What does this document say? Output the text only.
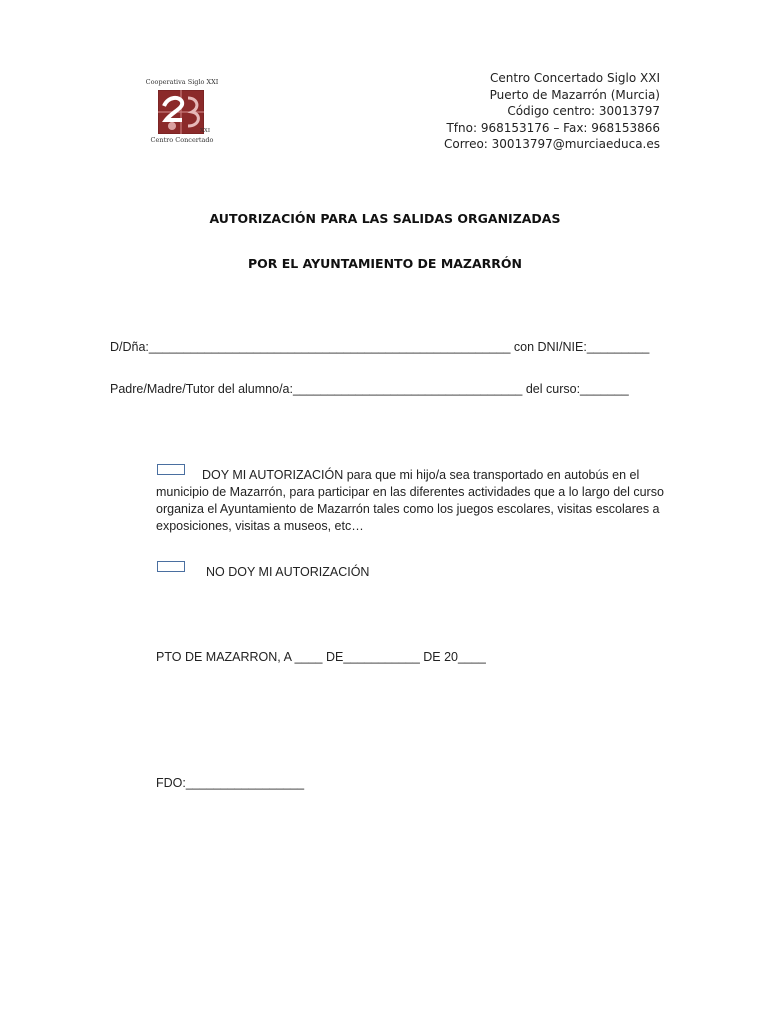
Cooperativa Siglo XXI
XXI
Centro Concertado
Centro Concertado Siglo XXI
Puerto de Mazarrón (Murcia)
Código centro: 30013797
Tfno: 968153176 – Fax: 968153866
Correo: 30013797@murciaeduca.es
AUTORIZACIÓN PARA LAS SALIDAS ORGANIZADAS
POR EL AYUNTAMIENTO DE MAZARRÓN
D/Dña:____________________________________________________ con DNI/NIE:_________
Padre/Madre/Tutor del alumno/a:_________________________________ del curso:_______
DOY MI AUTORIZACIÓN para que mi hijo/a sea transportado en autobús en el municipio de Mazarrón, para participar en las diferentes actividades que a lo largo del curso organiza el Ayuntamiento de Mazarrón tales como los juegos escolares, visitas escolares a exposiciones, visitas a museos, etc…
NO DOY MI AUTORIZACIÓN
PTO DE MAZARRON, A ____ DE___________ DE 20____
FDO:_________________
